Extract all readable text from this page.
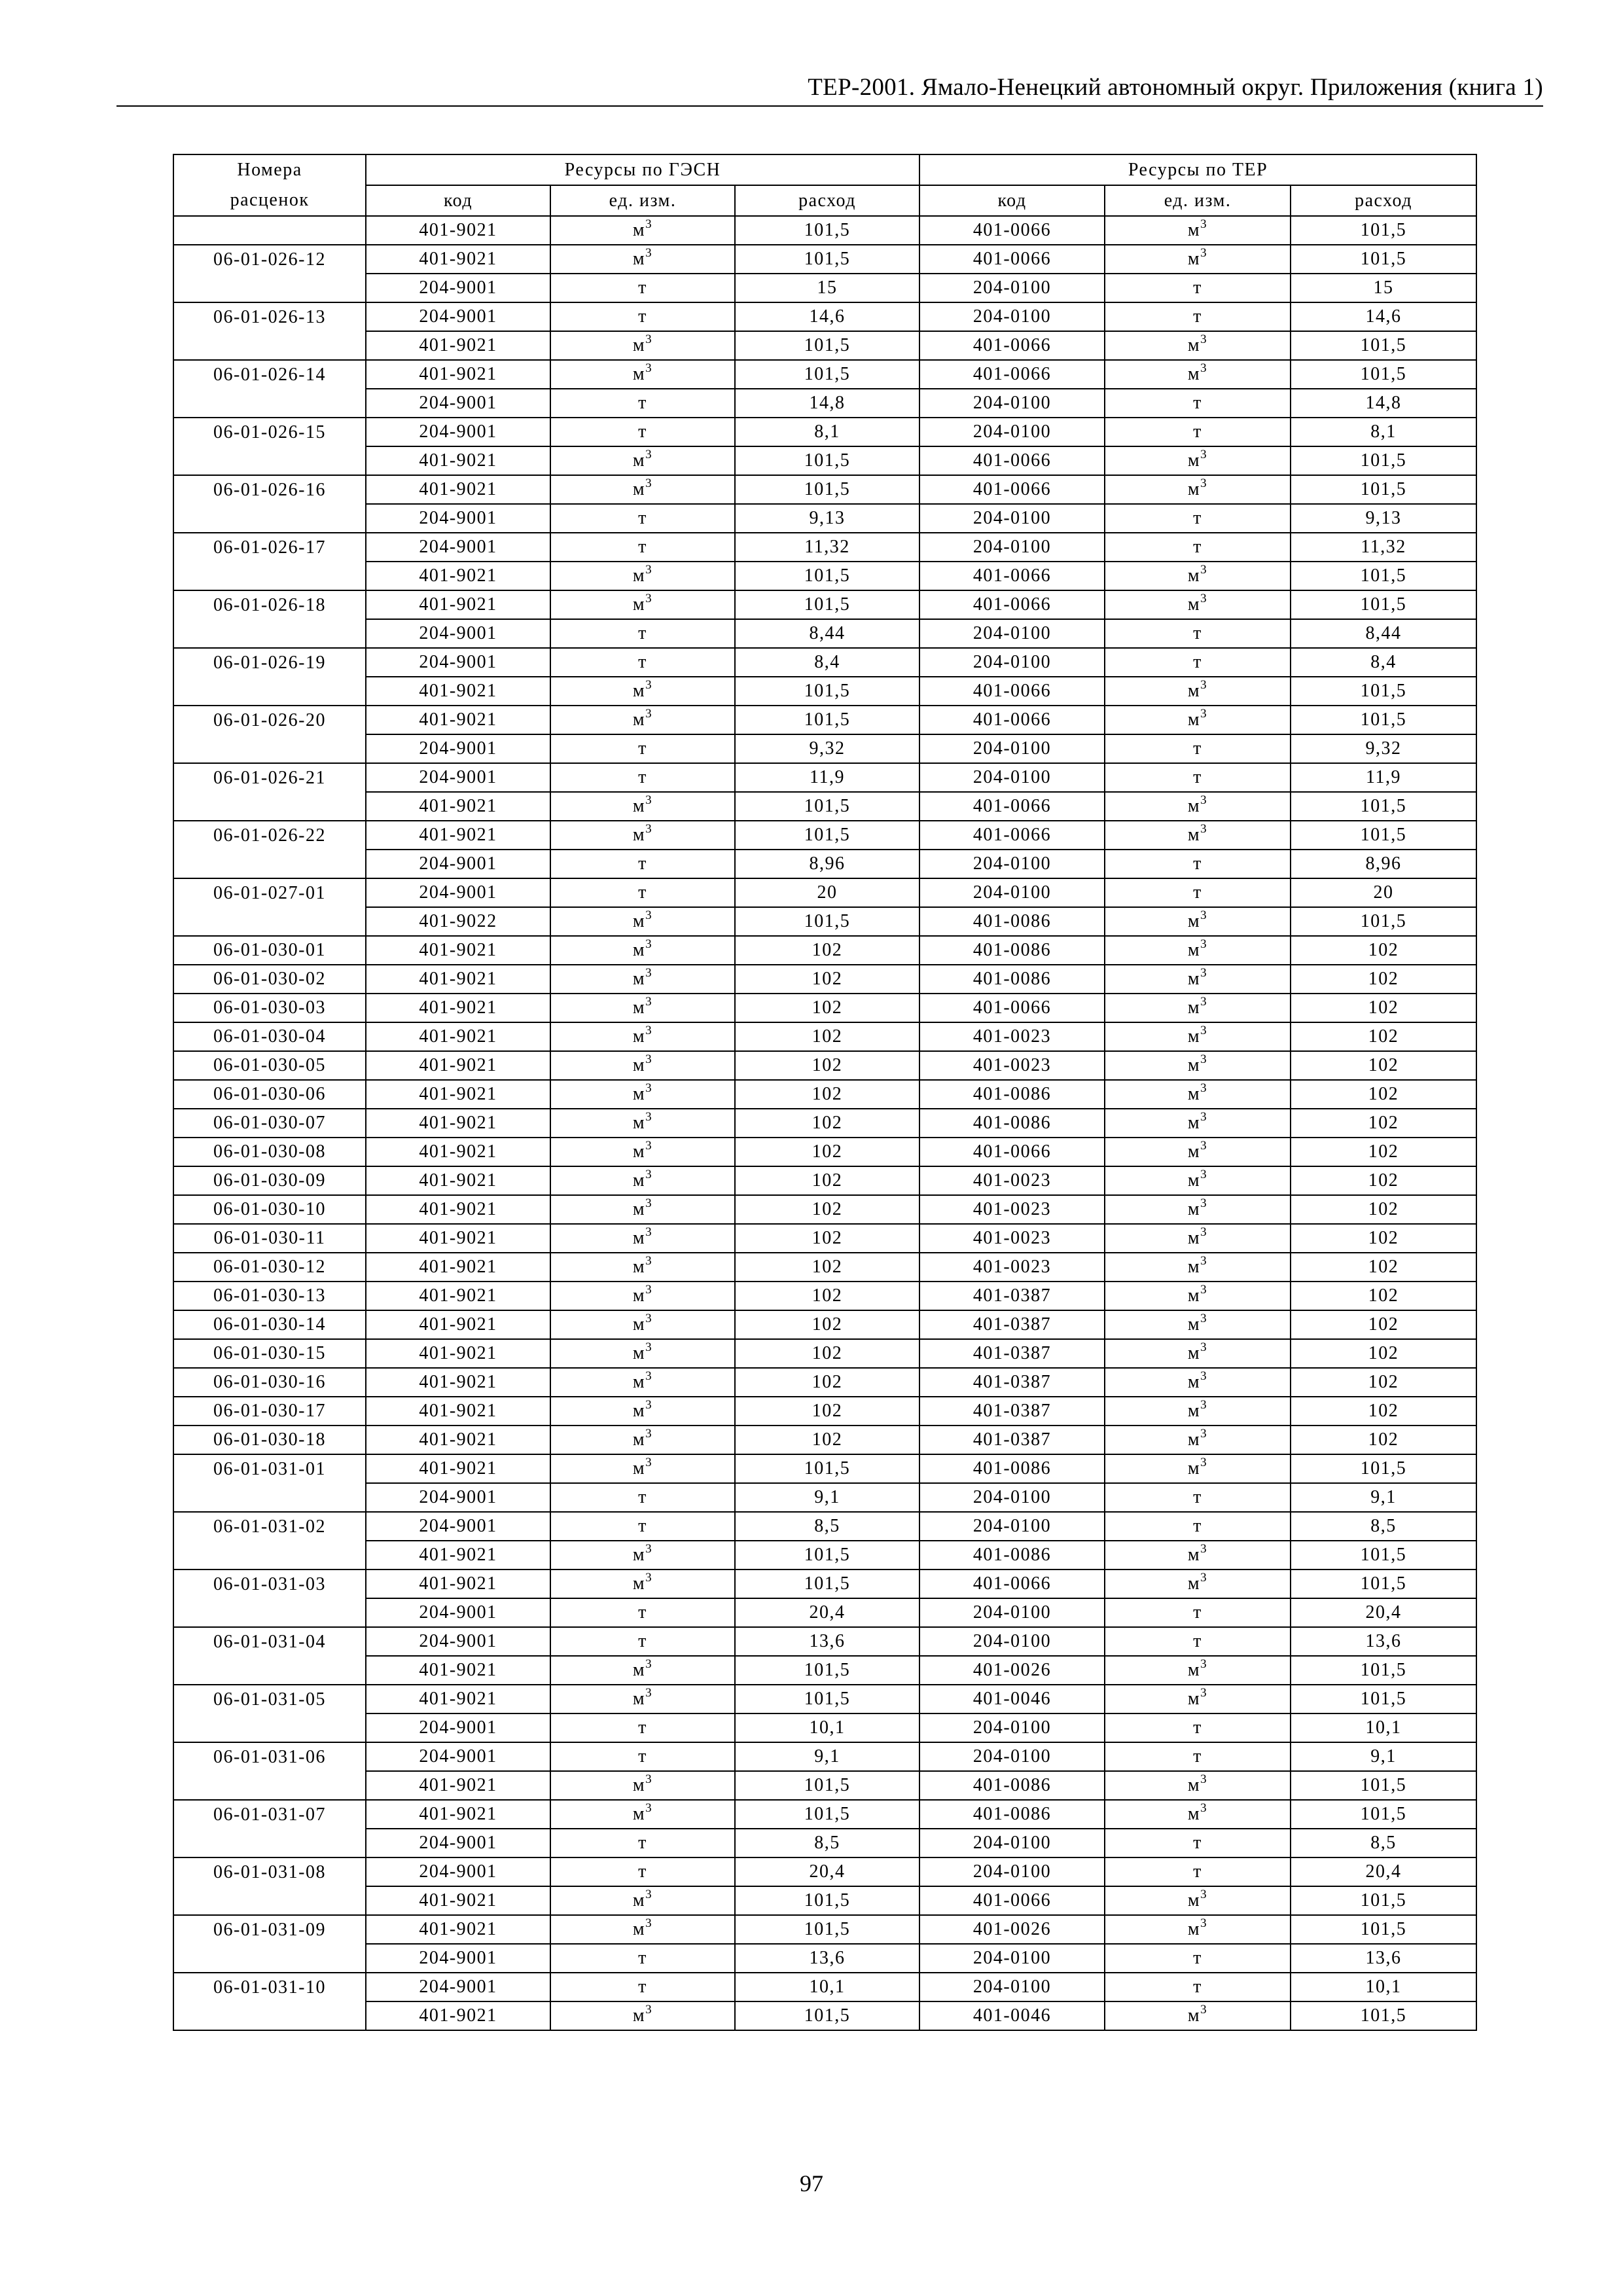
ТЕР-2001. Ямало-Ненецкий автономный округ. Приложения (книга 1)
Номера расценок	Ресурсы по ГЭСН			Ресурсы по ТЕР		
	код	ед. изм.	расход	код	ед. изм.	расход
	401-9021	$м^3$	101,5	401-0066	$м^3$	101,5
06-01-026-12	401-9021	$м^3$	101,5	401-0066	$м^3$	101,5
	204-9001	т	15	204-0100	т	15
06-01-026-13	204-9001	т	14,6	204-0100	т	14,6
	401-9021	$м^3$	101,5	401-0066	$м^3$	101,5
06-01-026-14	401-9021	$м^3$	101,5	401-0066	$м^3$	101,5
	204-9001	т	14,8	204-0100	т	14,8
06-01-026-15	204-9001	т	8,1	204-0100	т	8,1
	401-9021	$м^3$	101,5	401-0066	$м^3$	101,5
06-01-026-16	401-9021	$м^3$	101,5	401-0066	$м^3$	101,5
	204-9001	т	9,13	204-0100	т	9,13
06-01-026-17	204-9001	т	11,32	204-0100	т	11,32
	401-9021	$м^3$	101,5	401-0066	$м^3$	101,5
06-01-026-18	401-9021	$м^3$	101,5	401-0066	$м^3$	101,5
	204-9001	т	8,44	204-0100	т	8,44
06-01-026-19	204-9001	т	8,4	204-0100	т	8,4
	401-9021	$м^3$	101,5	401-0066	$м^3$	101,5
06-01-026-20	401-9021	$м^3$	101,5	401-0066	$м^3$	101,5
	204-9001	т	9,32	204-0100	т	9,32
06-01-026-21	204-9001	т	11,9	204-0100	т	11,9
	401-9021	$м^3$	101,5	401-0066	$м^3$	101,5
06-01-026-22	401-9021	$м^3$	101,5	401-0066	$м^3$	101,5
	204-9001	т	8,96	204-0100	т	8,96
06-01-027-01	204-9001	т	20	204-0100	т	20
	401-9022	$м^3$	101,5	401-0086	$м^3$	101,5
06-01-030-01	401-9021	$м^3$	102	401-0086	$м^3$	102
06-01-030-02	401-9021	$м^3$	102	401-0086	$м^3$	102
06-01-030-03	401-9021	$м^3$	102	401-0066	$м^3$	102
06-01-030-04	401-9021	$м^3$	102	401-0023	$м^3$	102
06-01-030-05	401-9021	$м^3$	102	401-0023	$м^3$	102
06-01-030-06	401-9021	$м^3$	102	401-0086	$м^3$	102
06-01-030-07	401-9021	$м^3$	102	401-0086	$м^3$	102
06-01-030-08	401-9021	$м^3$	102	401-0066	$м^3$	102
06-01-030-09	401-9021	$м^3$	102	401-0023	$м^3$	102
06-01-030-10	401-9021	$м^3$	102	401-0023	$м^3$	102
06-01-030-11	401-9021	$м^3$	102	401-0023	$м^3$	102
06-01-030-12	401-9021	$м^3$	102	401-0023	$м^3$	102
06-01-030-13	401-9021	$м^3$	102	401-0387	$м^3$	102
06-01-030-14	401-9021	$м^3$	102	401-0387	$м^3$	102
06-01-030-15	401-9021	$м^3$	102	401-0387	$м^3$	102
06-01-030-16	401-9021	$м^3$	102	401-0387	$м^3$	102
06-01-030-17	401-9021	$м^3$	102	401-0387	$м^3$	102
06-01-030-18	401-9021	$м^3$	102	401-0387	$м^3$	102
06-01-031-01	401-9021	$м^3$	101,5	401-0086	$м^3$	101,5
	204-9001	т	9,1	204-0100	т	9,1
06-01-031-02	204-9001	т	8,5	204-0100	т	8,5
	401-9021	$м^3$	101,5	401-0086	$м^3$	101,5
06-01-031-03	401-9021	$м^3$	101,5	401-0066	$м^3$	101,5
	204-9001	т	20,4	204-0100	т	20,4
06-01-031-04	204-9001	т	13,6	204-0100	т	13,6
	401-9021	$м^3$	101,5	401-0026	$м^3$	101,5
06-01-031-05	401-9021	$м^3$	101,5	401-0046	$м^3$	101,5
	204-9001	т	10,1	204-0100	т	10,1
06-01-031-06	204-9001	т	9,1	204-0100	т	9,1
	401-9021	$м^3$	101,5	401-0086	$м^3$	101,5
06-01-031-07	401-9021	$м^3$	101,5	401-0086	$м^3$	101,5
	204-9001	т	8,5	204-0100	т	8,5
06-01-031-08	204-9001	т	20,4	204-0100	т	20,4
	401-9021	$м^3$	101,5	401-0066	$м^3$	101,5
06-01-031-09	401-9021	$м^3$	101,5	401-0026	$м^3$	101,5
	204-9001	т	13,6	204-0100	т	13,6
06-01-031-10	204-9001	т	10,1	204-0100	т	10,1
	401-9021	$м^3$	101,5	401-0046	$м^3$	101,5
97
